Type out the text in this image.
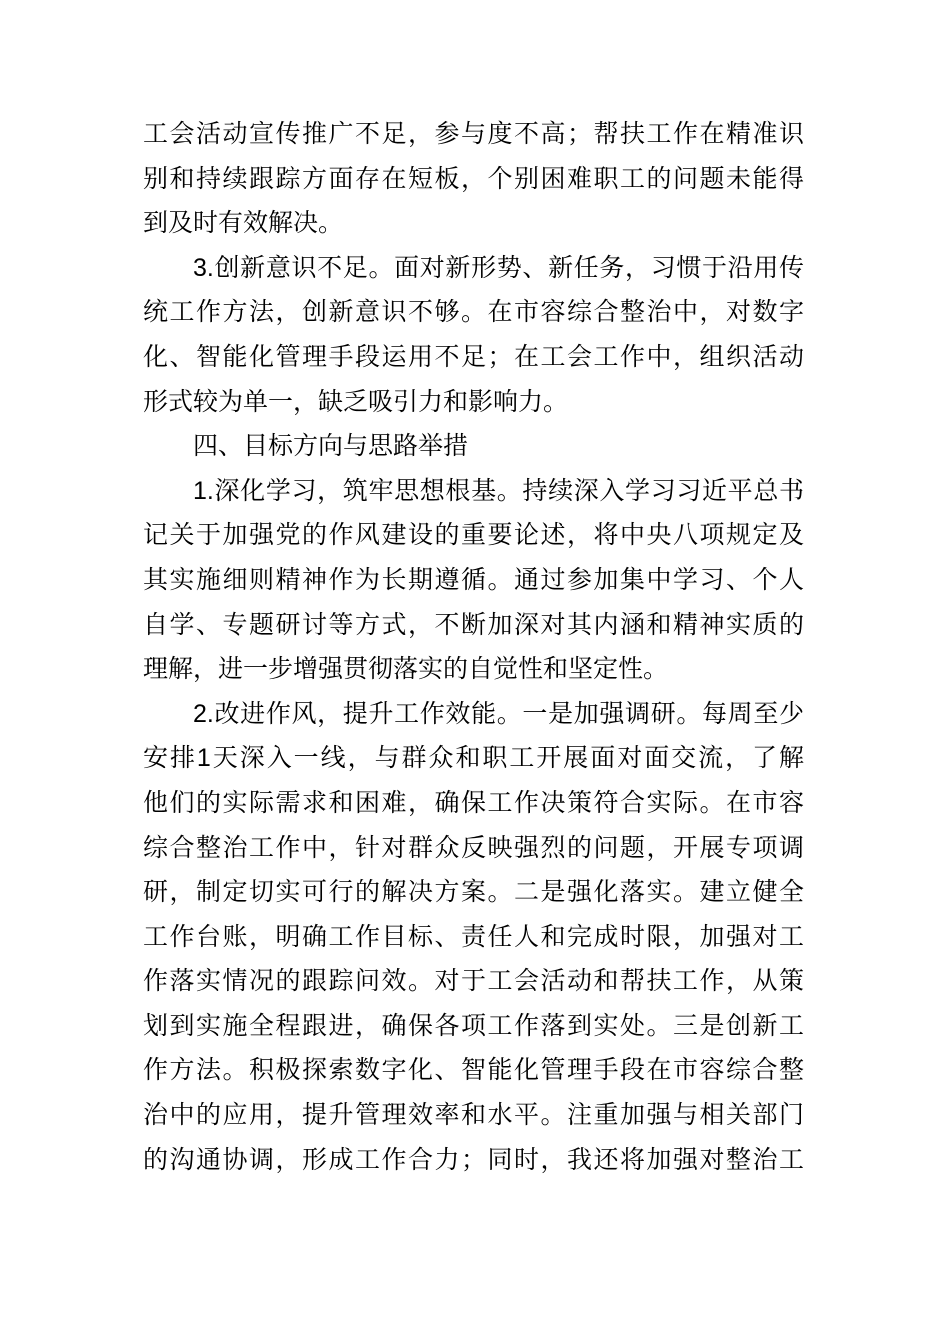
工会活动宣传推广不足，参与度不高；帮扶工作在精准识
别和持续跟踪方面存在短板，个别困难职工的问题未能得
到及时有效解决。
3.创新意识不足。面对新形势、新任务，习惯于沿用传
统工作方法，创新意识不够。在市容综合整治中，对数字
化、智能化管理手段运用不足；在工会工作中，组织活动
形式较为单一，缺乏吸引力和影响力。
四、目标方向与思路举措
1.深化学习，筑牢思想根基。持续深入学习习近平总书
记关于加强党的作风建设的重要论述，将中央八项规定及
其实施细则精神作为长期遵循。通过参加集中学习、个人
自学、专题研讨等方式，不断加深对其内涵和精神实质的
理解，进一步增强贯彻落实的自觉性和坚定性。
2.改进作风，提升工作效能。一是加强调研。每周至少
安排1天深入一线，与群众和职工开展面对面交流，了解
他们的实际需求和困难，确保工作决策符合实际。在市容
综合整治工作中，针对群众反映强烈的问题，开展专项调
研，制定切实可行的解决方案。二是强化落实。建立健全
工作台账，明确工作目标、责任人和完成时限，加强对工
作落实情况的跟踪问效。对于工会活动和帮扶工作，从策
划到实施全程跟进，确保各项工作落到实处。三是创新工
作方法。积极探索数字化、智能化管理手段在市容综合整
治中的应用，提升管理效率和水平。注重加强与相关部门
的沟通协调，形成工作合力；同时，我还将加强对整治工
